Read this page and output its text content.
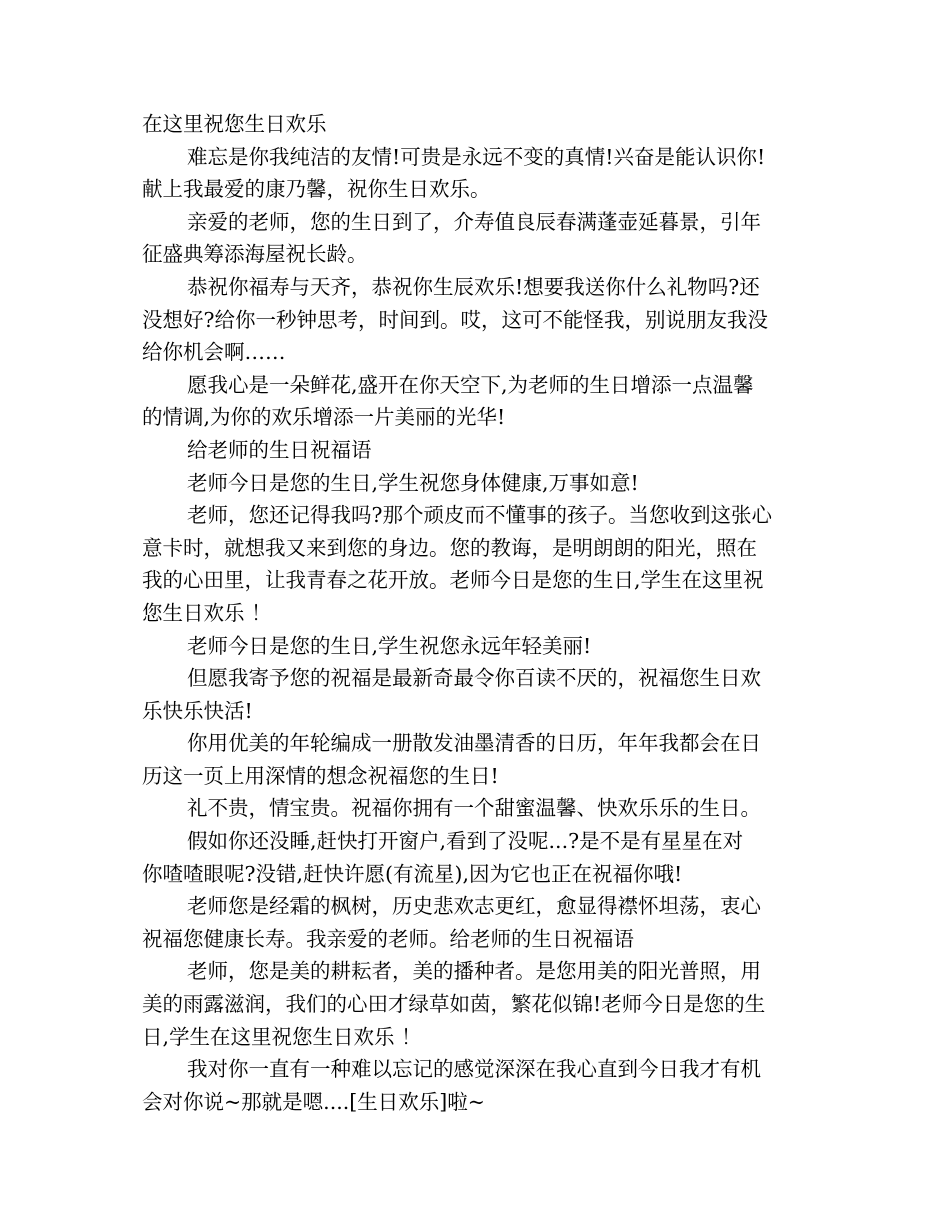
在这里祝您生日欢乐
难忘是你我纯洁的友情!可贵是永远不变的真情!兴奋是能认识你!
献上我最爱的康乃馨，祝你生日欢乐。
亲爱的老师，您的生日到了，介寿值良辰春满蓬壶延暮景，引年
征盛典筹添海屋祝长龄。
恭祝你福寿与天齐，恭祝你生辰欢乐!想要我送你什么礼物吗?还
没想好?给你一秒钟思考，时间到。哎，这可不能怪我，别说朋友我没
给你机会啊……
愿我心是一朵鲜花,盛开在你天空下,为老师的生日增添一点温馨
的情调,为你的欢乐增添一片美丽的光华!
给老师的生日祝福语
老师今日是您的生日,学生祝您身体健康,万事如意!
老师，您还记得我吗?那个顽皮而不懂事的孩子。当您收到这张心
意卡时，就想我又来到您的身边。您的教诲，是明朗朗的阳光，照在
我的心田里，让我青春之花开放。老师今日是您的生日,学生在这里祝
您生日欢乐 ！
老师今日是您的生日,学生祝您永远年轻美丽!
但愿我寄予您的祝福是最新奇最令你百读不厌的，祝福您生日欢
乐快乐快活!
你用优美的年轮编成一册散发油墨清香的日历，年年我都会在日
历这一页上用深情的想念祝福您的生日!
礼不贵，情宝贵。祝福你拥有一个甜蜜温馨、快欢乐乐的生日。
假如你还没睡,赶快打开窗户,看到了没呢...?是不是有星星在对
你喳喳眼呢?没错,赶快许愿(有流星),因为它也正在祝福你哦!
老师您是经霜的枫树，历史悲欢志更红，愈显得襟怀坦荡，衷心
祝福您健康长寿。我亲爱的老师。给老师的生日祝福语
老师，您是美的耕耘者，美的播种者。是您用美的阳光普照，用
美的雨露滋润，我们的心田才绿草如茵，繁花似锦!老师今日是您的生
日,学生在这里祝您生日欢乐 ！
我对你一直有一种难以忘记的感觉深深在我心直到今日我才有机
会对你说~那就是嗯....[生日欢乐]啦~
